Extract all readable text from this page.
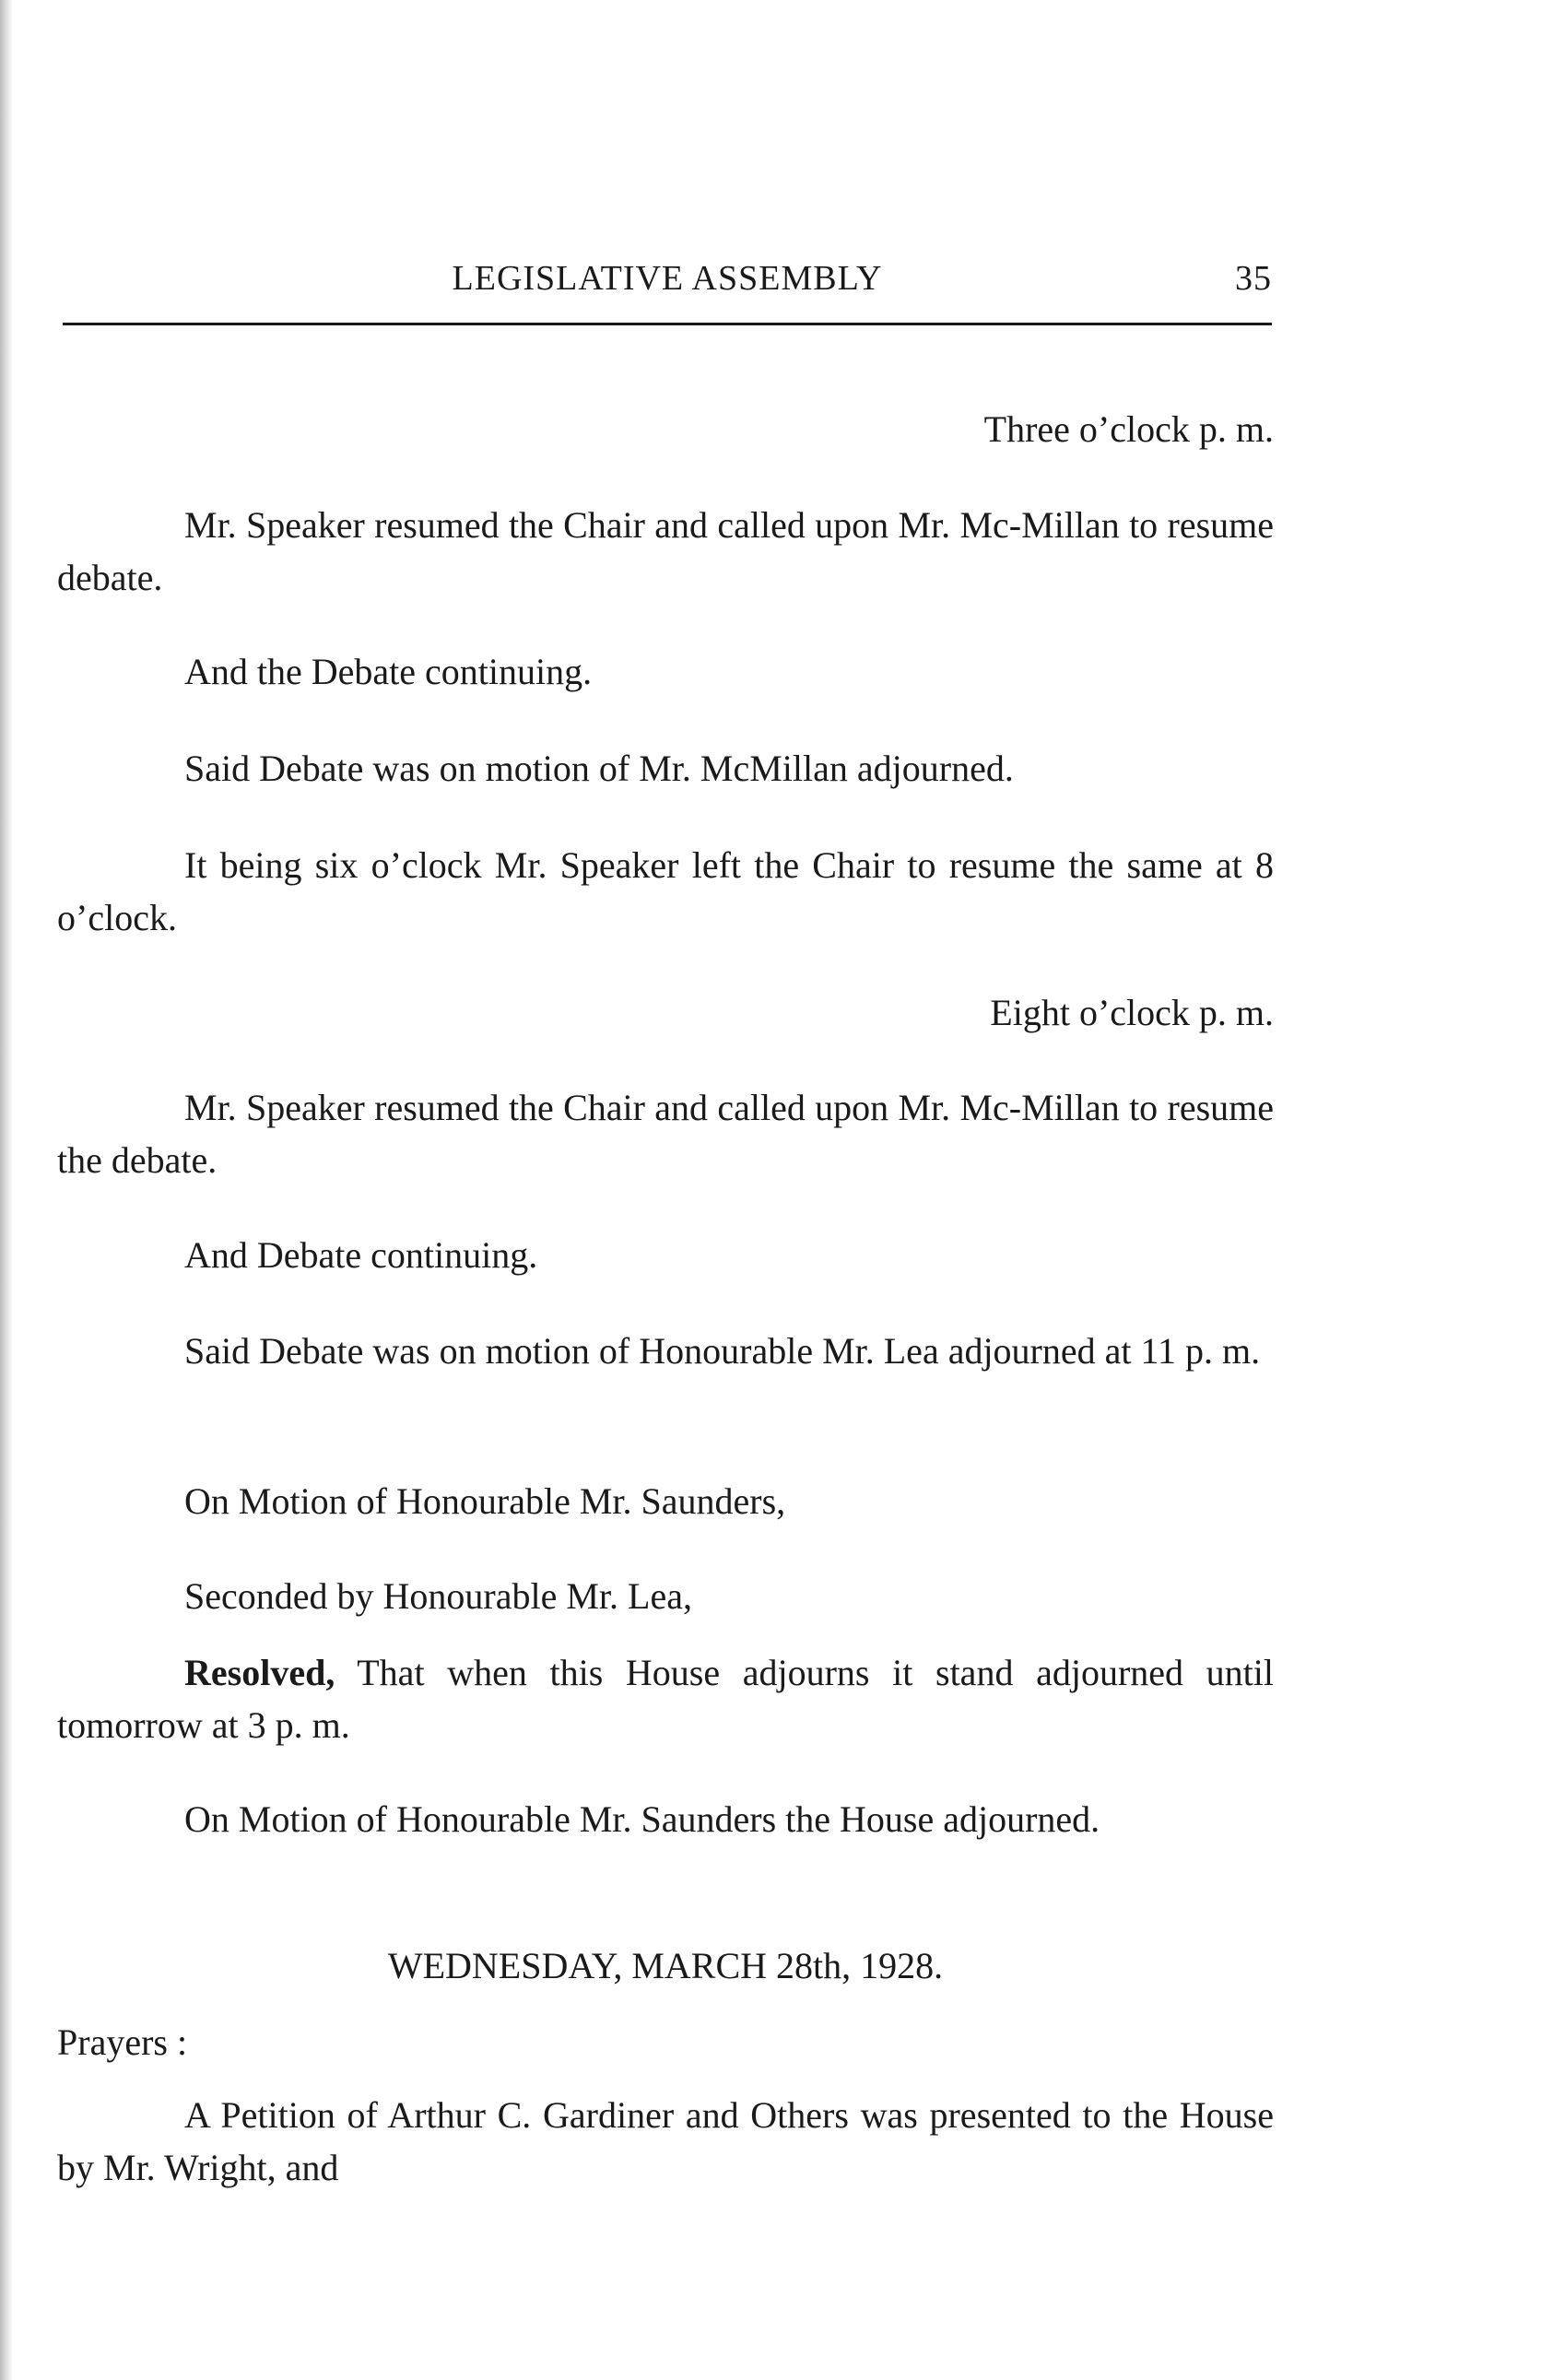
LEGISLATIVE ASSEMBLY	35

Three o’clock p. m.

Mr. Speaker resumed the Chair and called upon Mr. Mc-Millan to resume debate.

And the Debate continuing.

Said Debate was on motion of Mr. McMillan adjourned.

It being six o’clock Mr. Speaker left the Chair to resume the same at 8 o’clock.

Eight o’clock p. m.

Mr. Speaker resumed the Chair and called upon Mr. Mc-Millan to resume the debate.

And Debate continuing.

Said Debate was on motion of Honourable Mr. Lea adjourned at 11 p. m.

On Motion of Honourable Mr. Saunders,

Seconded by Honourable Mr. Lea,

Resolved, That when this House adjourns it stand adjourned until tomorrow at 3 p. m.

On Motion of Honourable Mr. Saunders the House adjourned.

WEDNESDAY, MARCH 28th, 1928.

Prayers :

A Petition of Arthur C. Gardiner and Others was presented to the House by Mr. Wright, and
